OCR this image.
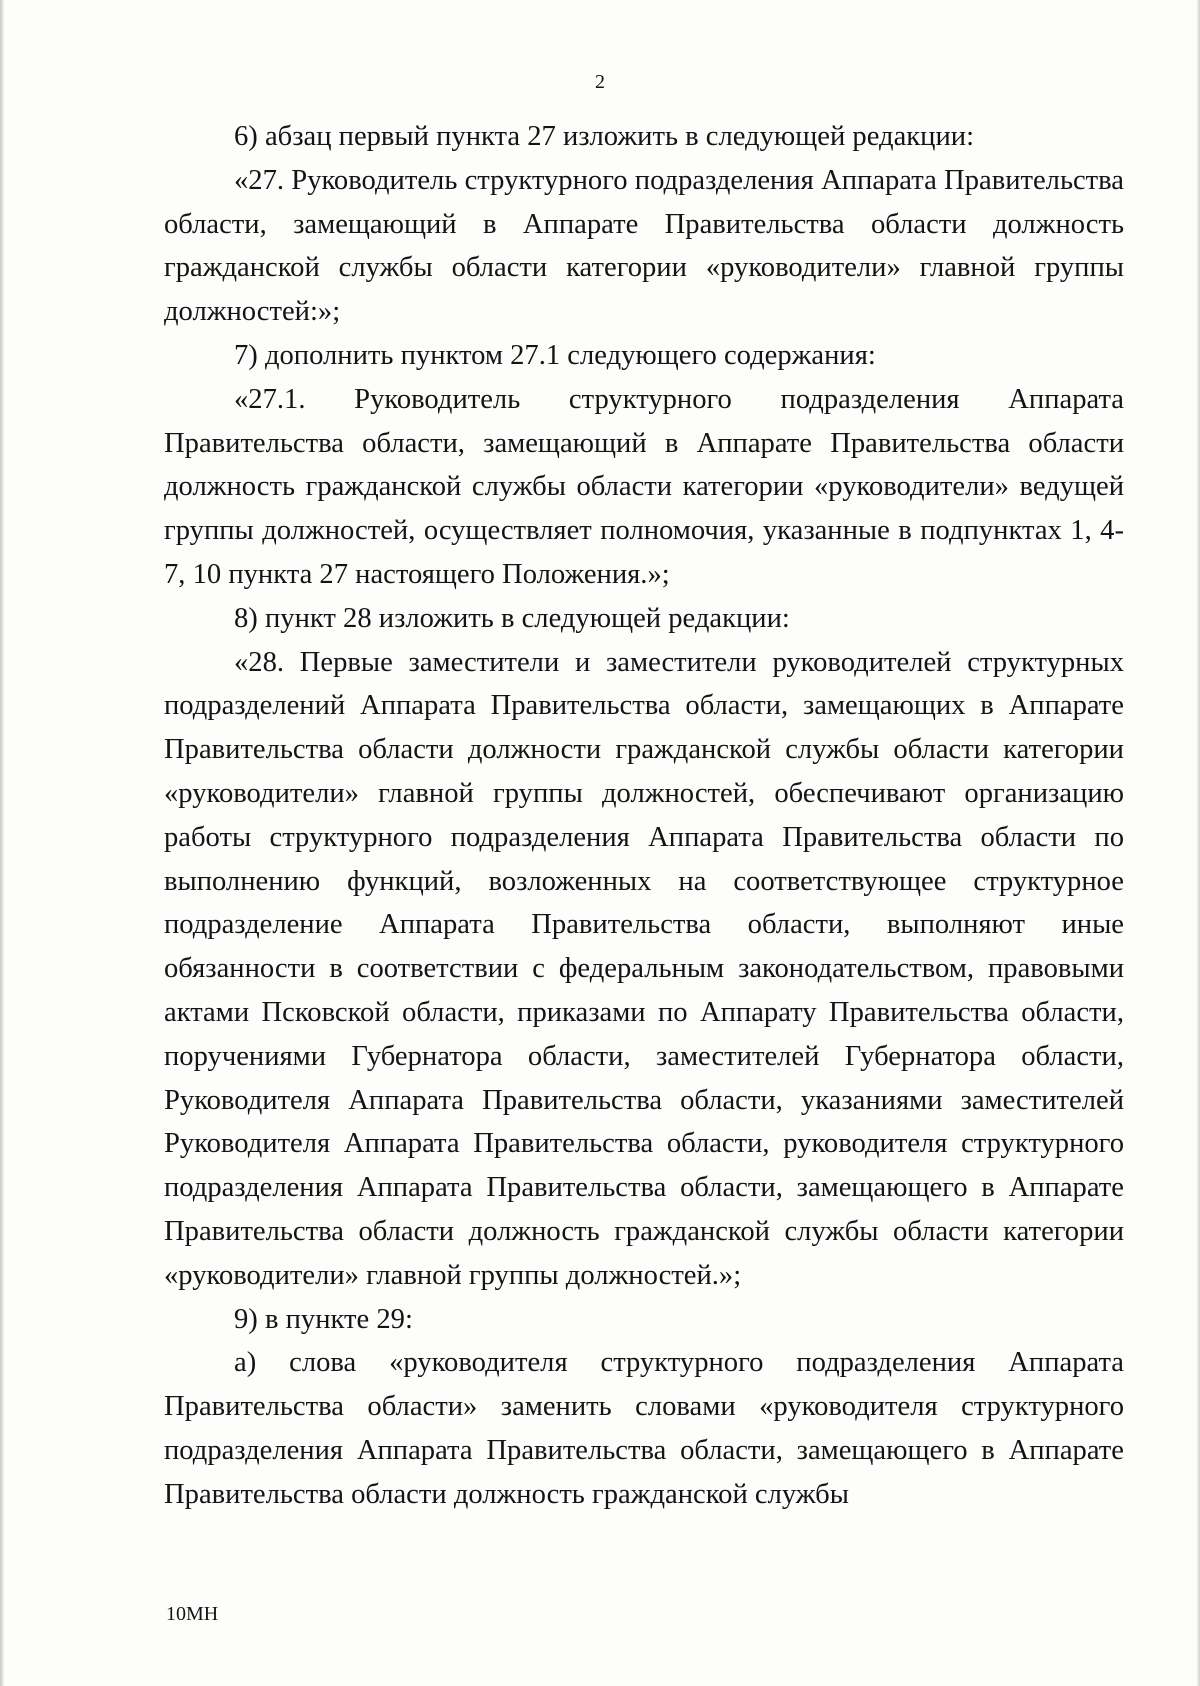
2

6) абзац первый пункта 27 изложить в следующей редакции:

«27. Руководитель структурного подразделения Аппарата Правительства области, замещающий в Аппарате Правительства области должность гражданской службы области категории «руководители» главной группы должностей:»;

7) дополнить пунктом 27.1 следующего содержания:

«27.1. Руководитель структурного подразделения Аппарата Правительства области, замещающий в Аппарате Правительства области должность гражданской службы области категории «руководители» ведущей группы должностей, осуществляет полномочия, указанные в подпунктах 1, 4-7, 10 пункта 27 настоящего Положения.»;

8) пункт 28 изложить в следующей редакции:

«28. Первые заместители и заместители руководителей структурных подразделений Аппарата Правительства области, замещающих в Аппарате Правительства области должности гражданской службы области категории «руководители» главной группы должностей, обеспечивают организацию работы структурного подразделения Аппарата Правительства области по выполнению функций, возложенных на соответствующее структурное подразделение Аппарата Правительства области, выполняют иные обязанности в соответствии с федеральным законодательством, правовыми актами Псковской области, приказами по Аппарату Правительства области, поручениями Губернатора области, заместителей Губернатора области, Руководителя Аппарата Правительства области, указаниями заместителей Руководителя Аппарата Правительства области, руководителя структурного подразделения Аппарата Правительства области, замещающего в Аппарате Правительства области должность гражданской службы области категории «руководители» главной группы должностей.»;

9) в пункте 29:

а) слова «руководителя структурного подразделения Аппарата Правительства области» заменить словами «руководителя структурного подразделения Аппарата Правительства области, замещающего в Аппарате Правительства области должность гражданской службы

10МН
